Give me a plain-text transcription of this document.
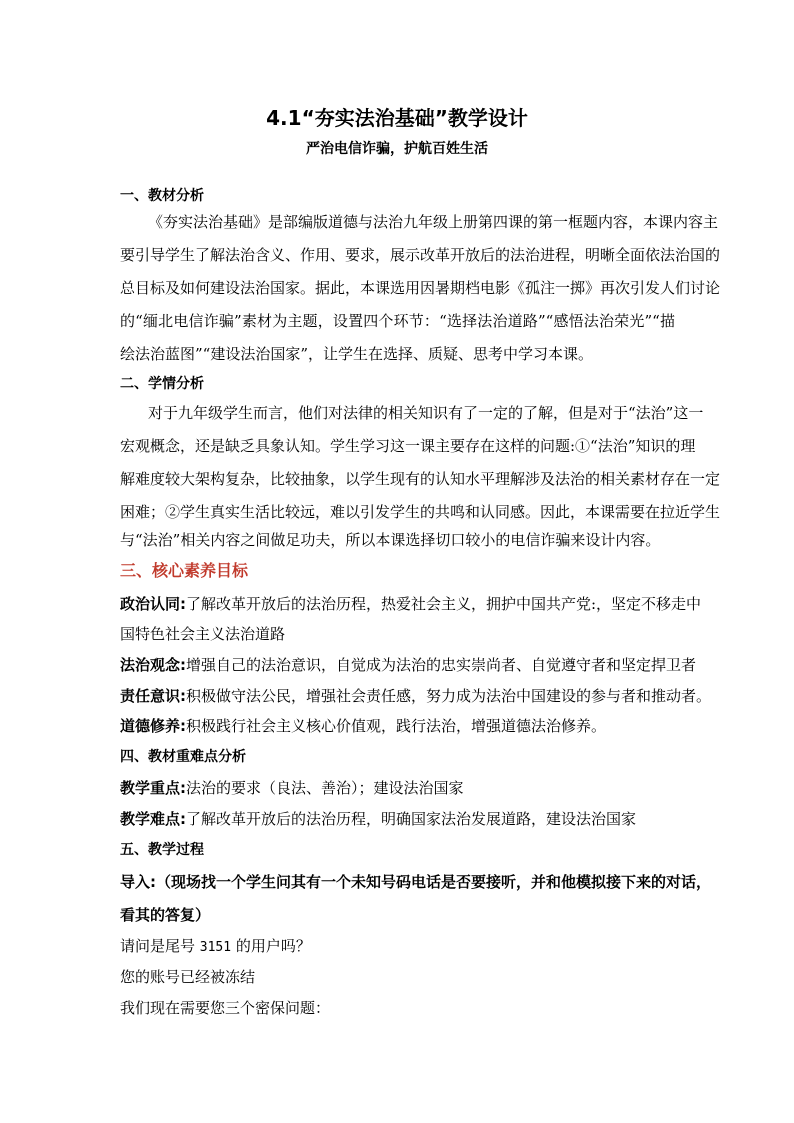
4.1“夯实法治基础”教学设计
严治电信诈骗，护航百姓生活
一、教材分析
《夯实法治基础》是部编版道德与法治九年级上册第四课的第一框题内容，本课内容主
要引导学生了解法治含义、作用、要求，展示改革开放后的法治进程，明晰全面依法治国的
总目标及如何建设法治国家。据此，本课选用因暑期档电影《孤注一掷》再次引发人们讨论
的“缅北电信诈骗”素材为主题，设置四个环节：“选择法治道路”“感悟法治荣光”“描
绘法治蓝图”“建设法治国家”，让学生在选择、质疑、思考中学习本课。
二、学情分析
对于九年级学生而言，他们对法律的相关知识有了一定的了解，但是对于“法治”这一
宏观概念，还是缺乏具象认知。学生学习这一课主要存在这样的问题:①“法治”知识的理
解难度较大架构复杂，比较抽象，以学生现有的认知水平理解涉及法治的相关素材存在一定
困难；②学生真实生活比较远，难以引发学生的共鸣和认同感。因此，本课需要在拉近学生
与“法治”相关内容之间做足功夫，所以本课选择切口较小的电信诈骗来设计内容。
三、核心素养目标
政治认同:了解改革开放后的法治历程，热爱社会主义，拥护中国共产党:，坚定不移走中
国特色社会主义法治道路
法治观念:增强自己的法治意识，自觉成为法治的忠实崇尚者、自觉遵守者和坚定捍卫者
责任意识:积极做守法公民，增强社会责任感，努力成为法治中国建设的参与者和推动者。
道德修养:积极践行社会主义核心价值观，践行法治，增强道德法治修养。
四、教材重难点分析
教学重点:法治的要求（良法、善治）；建设法治国家
教学难点:了解改革开放后的法治历程，明确国家法治发展道路，建设法治国家
五、教学过程
导入:（现场找一个学生问其有一个未知号码电话是否要接听，并和他模拟接下来的对话，
看其的答复）
请问是尾号 3151 的用户吗？
您的账号已经被冻结
我们现在需要您三个密保问题：
